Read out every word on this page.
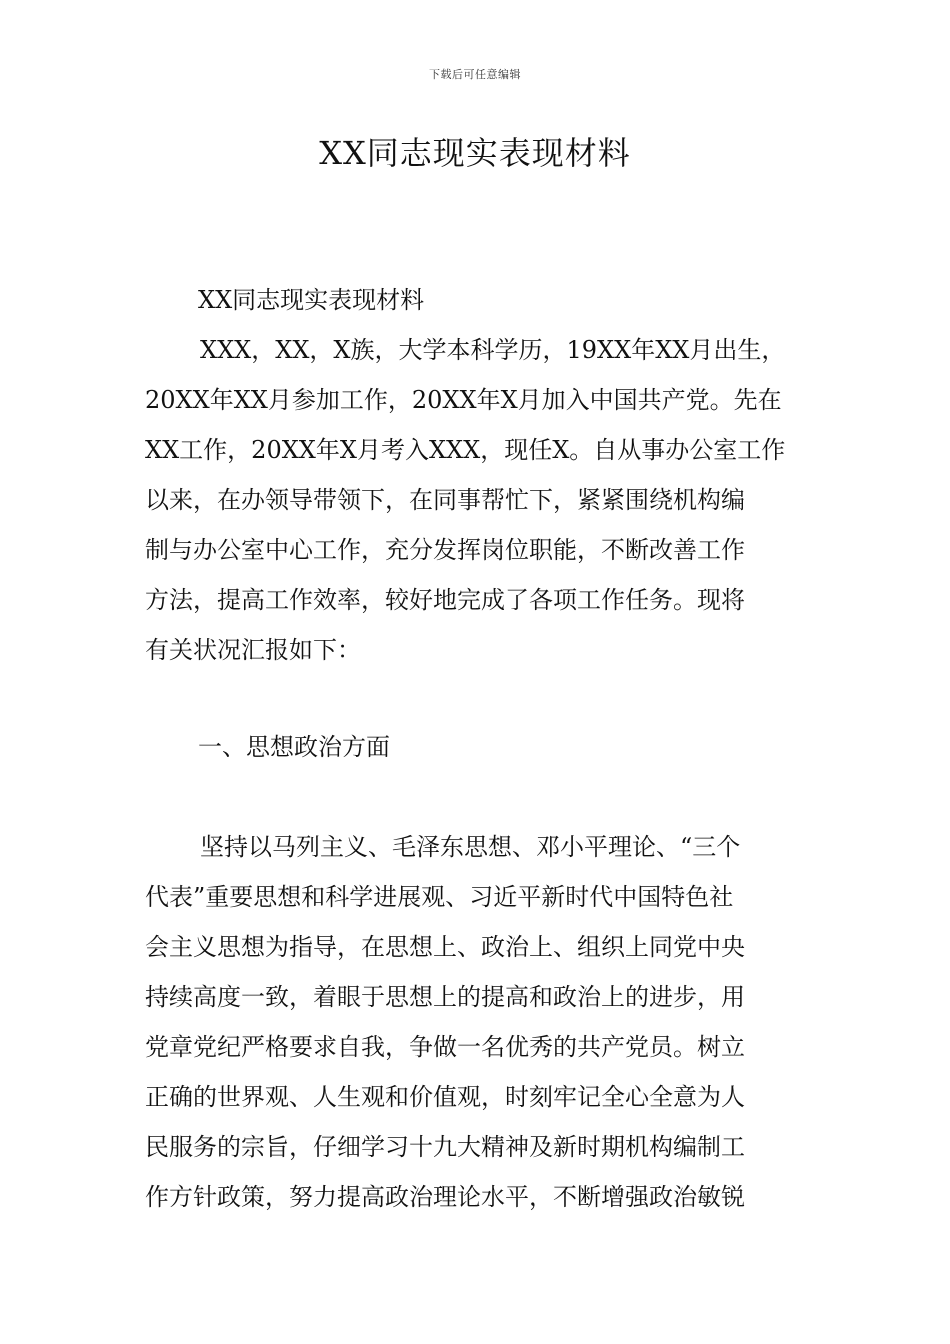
下载后可任意编辑
XX同志现实表现材料
XX同志现实表现材料
XXX，XX，X族，大学本科学历，19XX年XX月出生，
20XX年XX月参加工作，20XX年X月加入中国共产党。先在
XX工作，20XX年X月考入XXX，现任X。自从事办公室工作
以来，在办领导带领下，在同事帮忙下，紧紧围绕机构编
制与办公室中心工作，充分发挥岗位职能，不断改善工作
方法，提高工作效率，较好地完成了各项工作任务。现将
有关状况汇报如下：
一、思想政治方面
坚持以马列主义、毛泽东思想、邓小平理论、“三个
代表”重要思想和科学进展观、习近平新时代中国特色社
会主义思想为指导，在思想上、政治上、组织上同党中央
持续高度一致，着眼于思想上的提高和政治上的进步，用
党章党纪严格要求自我，争做一名优秀的共产党员。树立
正确的世界观、人生观和价值观，时刻牢记全心全意为人
民服务的宗旨，仔细学习十九大精神及新时期机构编制工
作方针政策，努力提高政治理论水平，不断增强政治敏锐
